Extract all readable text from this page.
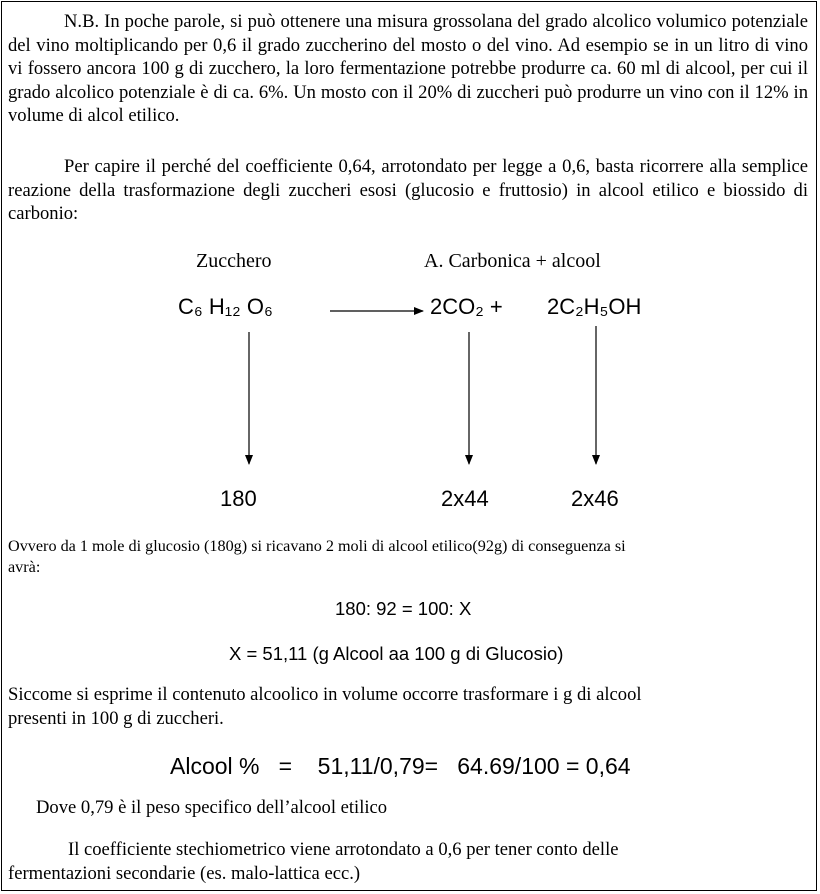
N.B. In poche parole, si può ottenere una misura grossolana del grado alcolico volumico potenziale del vino moltiplicando per 0,6 il grado zuccherino del mosto o del vino. Ad esempio se in un litro di vino vi fossero ancora 100 g di zucchero, la loro fermentazione potrebbe produrre ca. 60 ml di alcool, per cui il grado alcolico potenziale è di ca. 6%. Un mosto con il 20% di zuccheri può produrre un vino con il 12% in volume di alcol etilico.

Per capire il perché del coefficiente 0,64, arrotondato per legge a 0,6, basta ricorrere alla semplice reazione della trasformazione degli zuccheri esosi (glucosio e fruttosio) in alcool etilico e biossido di carbonio:

Zucchero	A. Carbonica + alcool
C₆ H₁₂ O₆	2CO₂ + 2C₂H₅OH
180	2x44	2x46
Ovvero da 1 mole di glucosio (180g) si ricavano 2 moli di alcool etilico(92g) di conseguenza si
avrà:
180: 92 = 100: X
X = 51,11 (g Alcool aa 100 g di Glucosio)
Siccome si esprime il contenuto alcoolico in volume occorre trasformare i g di alcool
presenti in 100 g di zuccheri.
Alcool %   =    51,11/0,79=   64.69/100 = 0,64
Dove 0,79 è il peso specifico dell’alcool etilico
Il coefficiente stechiometrico viene arrotondato a 0,6 per tener conto delle
fermentazioni secondarie (es. malo-lattica ecc.)
